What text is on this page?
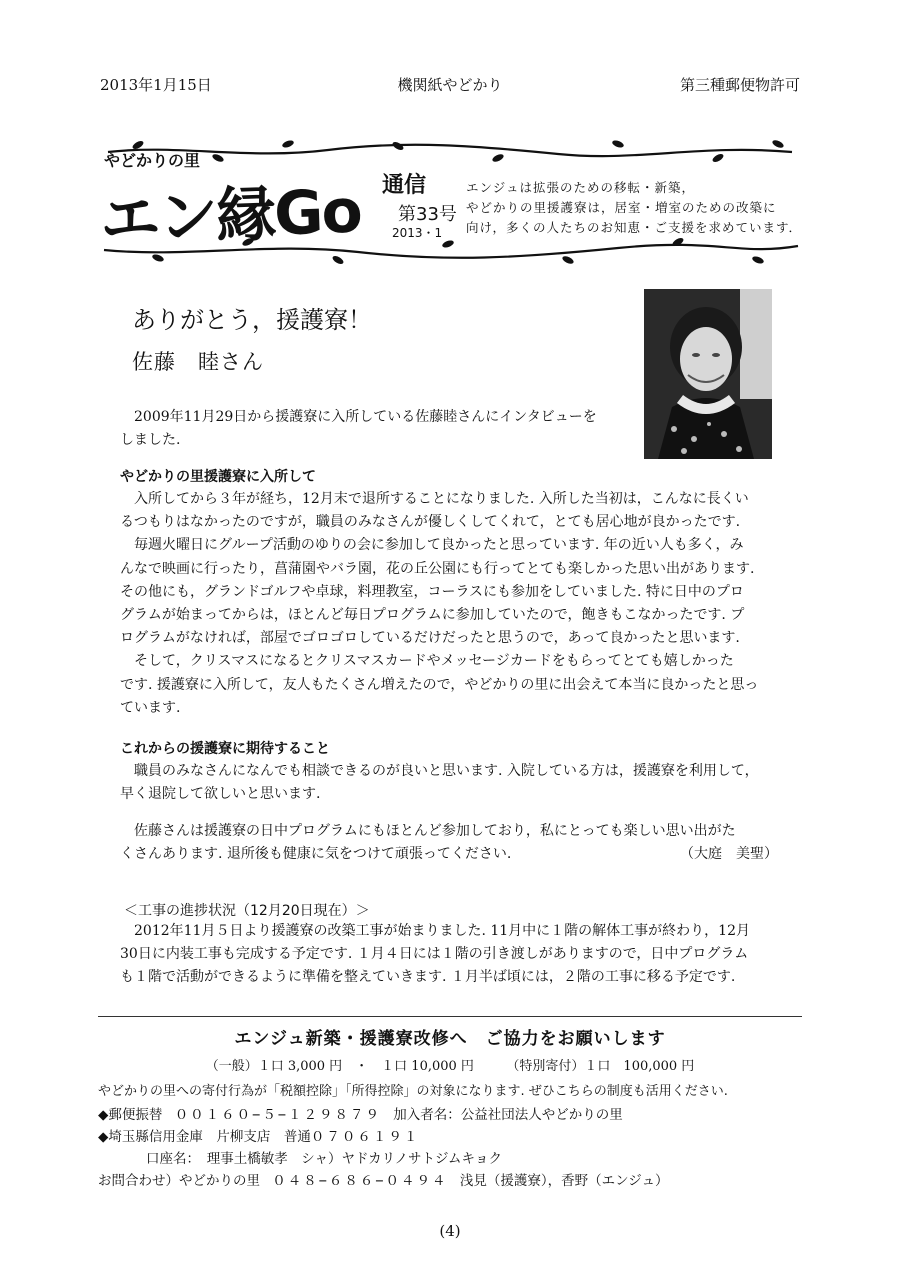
2013年1月15日	機関紙やどかり	第三種郵便物許可
やどかりの里
エン縁Go 通信
第33号
2013・1
エンジュは拡張のための移転・新築，
やどかりの里援護寮は，居室・増室のための改築に
向け，多くの人たちのお知恵・ご支援を求めています．
ありがとう，援護寮！
佐藤　睦さん

2009年11月29日から援護寮に入所している佐藤睦さんにインタビューを

しました.

やどかりの里援護寮に入所して

入所してから３年が経ち，12月末で退所することになりました. 入所した当初は，こんなに長くい

るつもりはなかったのですが，職員のみなさんが優しくしてくれて，とても居心地が良かったです.

毎週火曜日にグループ活動のゆりの会に参加して良かったと思っています. 年の近い人も多く，み

んなで映画に行ったり，菖蒲園やバラ園，花の丘公園にも行ってとても楽しかった思い出があります.

その他にも，グランドゴルフや卓球，料理教室，コーラスにも参加をしていました. 特に日中のプロ

グラムが始まってからは，ほとんど毎日プログラムに参加していたので，飽きもこなかったです. プ

ログラムがなければ，部屋でゴロゴロしているだけだったと思うので，あって良かったと思います.

そして，クリスマスになるとクリスマスカードやメッセージカードをもらってとても嬉しかった

です. 援護寮に入所して，友人もたくさん増えたので，やどかりの里に出会えて本当に良かったと思っ

ています.

これからの援護寮に期待すること

職員のみなさんになんでも相談できるのが良いと思います. 入院している方は，援護寮を利用して，

早く退院して欲しいと思います.

佐藤さんは援護寮の日中プログラムにもほとんど参加しており，私にとっても楽しい思い出がた

くさんあります. 退所後も健康に気をつけて頑張ってください.	（大庭　美聖）
＜工事の進捗状況（12月20日現在）＞

2012年11月５日より援護寮の改築工事が始まりました. 11月中に１階の解体工事が終わり，12月

30日に内装工事も完成する予定です. １月４日には１階の引き渡しがありますので，日中プログラム

も１階で活動ができるように準備を整えていきます. １月半ば頃には，２階の工事に移る予定です.

エンジュ新築・援護寮改修へ　ご協力をお願いします
（一般）１口 3,000 円　・　１口 10,000 円　　　（特別寄付）１口　100,000 円
やどかりの里への寄付行為が「税額控除」「所得控除」の対象になります. ぜひこちらの制度も活用ください.
◆郵便振替 ００１６０−５−１２９８７９ 加入者名：公益社団法人やどかりの里
◆埼玉縣信用金庫　片柳支店　普通０７０６１９１
口座名：　理事土橋敏孝　シャ）ヤドカリノサトジムキョク
お問合わせ）やどかりの里 ０４８−６８６−０４９４ 浅見（援護寮），香野（エンジュ）
(4)
